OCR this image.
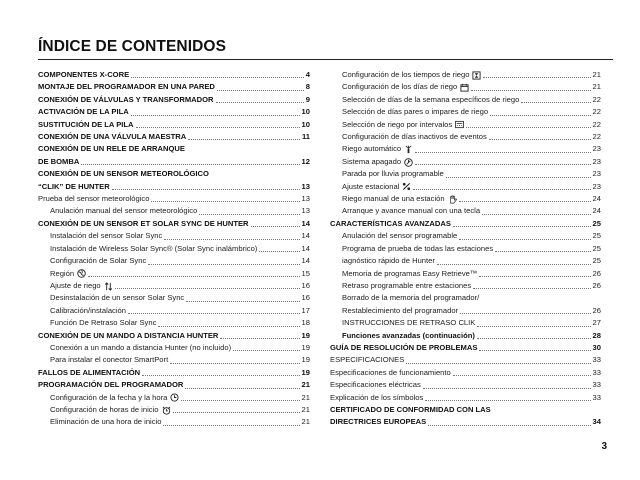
ÍNDICE DE CONTENIDOS
COMPONENTES X-CORE	4
MONTAJE DEL PROGRAMADOR EN UNA PARED	8
CONEXIÓN DE VÁLVULAS Y TRANSFORMADOR	9
ACTIVACIÓN DE LA PILA	10
SUSTITUCIÓN DE LA PILA	10
CONEXIÓN DE UNA VÁLVULA MAESTRA	11
CONEXIÓN DE UN RELE DE ARRANQUE
DE BOMBA	12
CONEXIÓN DE UN SENSOR METEOROLÓGICO
“CLIK” DE HUNTER	13
Prueba del sensor meteorológico	13
Anulación manual del sensor meteorológico	13
CONEXIÓN DE UN SENSOR ET SOLAR SYNC DE HUNTER	14
Instalación del sensor Solar Sync	14
Instalación de Wireless Solar Sync® (Solar Sync inalámbrico)	14
Configuración de Solar Sync	14
Región	15
Ajuste de riego	16
Desinstalación de un sensor Solar Sync	16
Calibración/instalación	17
Función De Retraso Solar Sync	18
CONEXIÓN DE UN MANDO A DISTANCIA HUNTER	19
Conexión a un mando a distancia Hunter (no incluido)	19
Para instalar el conector SmartPort	19
FALLOS DE ALIMENTACIÓN	19
PROGRAMACIÓN DEL PROGRAMADOR	21
Configuración de la fecha y la hora	21
Configuración de horas de inicio	21
Eliminación de una hora de inicio	21
Configuración de los tiempos de riego	21
Configuración de los días de riego	21
Selección de días de la semana específicos de riego	22
Selección de días pares o impares de riego	22
Selección de riego por intervalos	22
Configuración de días inactivos de eventos	22
Riego automático	23
Sistema apagado	23
Parada por lluvia programable	23
Ajuste estacional	23
Riego manual de una estación	24
Arranque y avance manual con una tecla	24
CARACTERÍSTICAS AVANZADAS	25
Anulación del sensor programable	25
Programa de prueba de todas las estaciones	25
iagnóstico rápido de Hunter	25
Memoria de programas Easy Retrieve™	26
Retraso programable entre estaciones	26
Borrado de la memoria del programador/
Restablecimiento del programador	26
INSTRUCCIONES DE RETRASO CLIK	27
Funciones avanzadas (continuación)	28
GUÍA DE RESOLUCIÓN DE PROBLEMAS	30
ESPECIFICACIONES	33
Especificaciones de funcionamiento	33
Especificaciones eléctricas	33
Explicación de los símbolos	33
CERTIFICADO DE CONFORMIDAD CON LAS
DIRECTRICES EUROPEAS	34
3
